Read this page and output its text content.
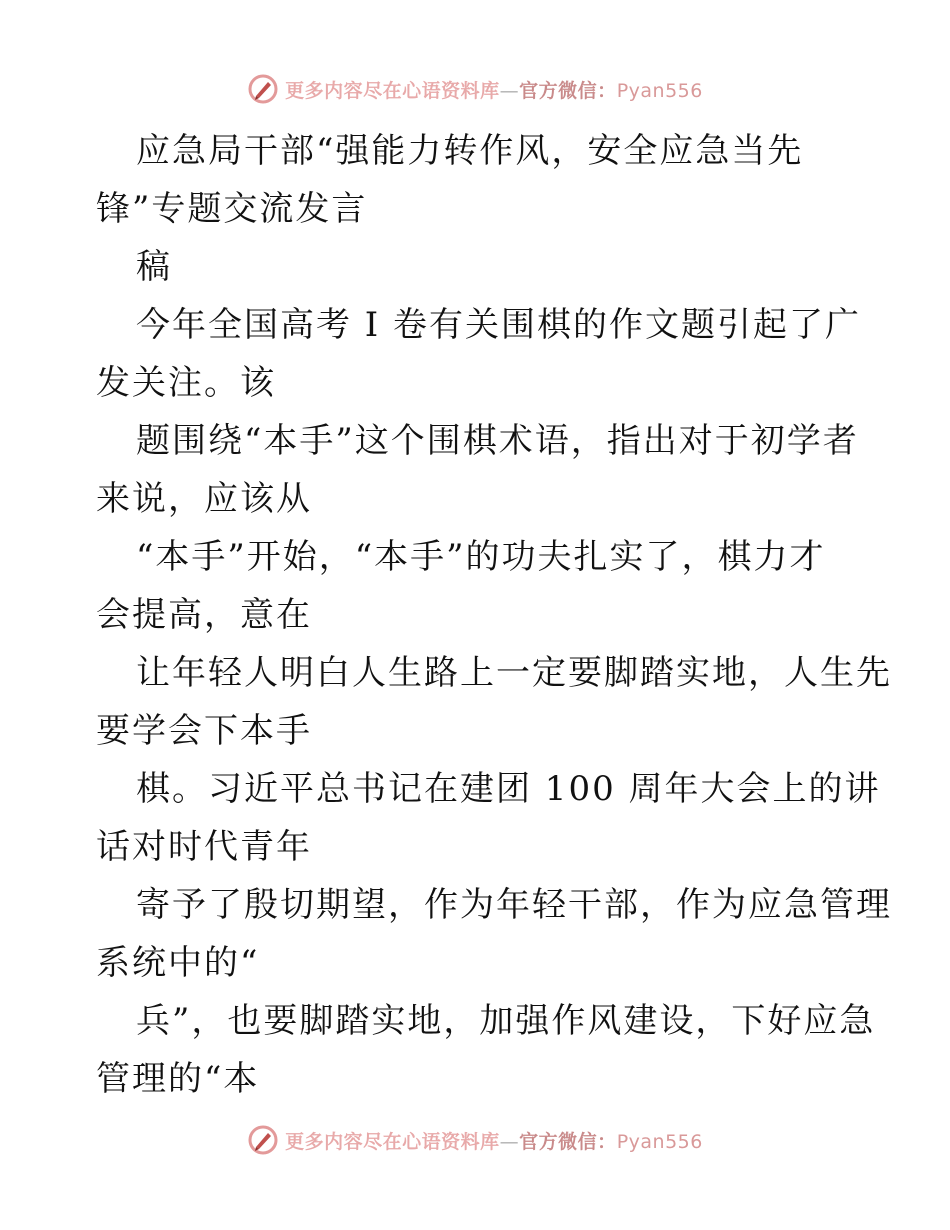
更多内容尽在心语资料库—官方微信：Pyan556
应急局干部“强能力转作风，安全应急当先
锋”专题交流发言
稿
今年全国高考 I 卷有关围棋的作文题引起了广
发关注。该
题围绕“本手”这个围棋术语，指出对于初学者
来说，应该从
“本手”开始，“本手”的功夫扎实了，棋力才
会提高，意在
让年轻人明白人生路上一定要脚踏实地，人生先
要学会下本手
棋。习近平总书记在建团 100 周年大会上的讲
话对时代青年
寄予了殷切期望，作为年轻干部，作为应急管理
系统中的“
兵”，也要脚踏实地，加强作风建设，下好应急
管理的“本
更多内容尽在心语资料库—官方微信：Pyan556
